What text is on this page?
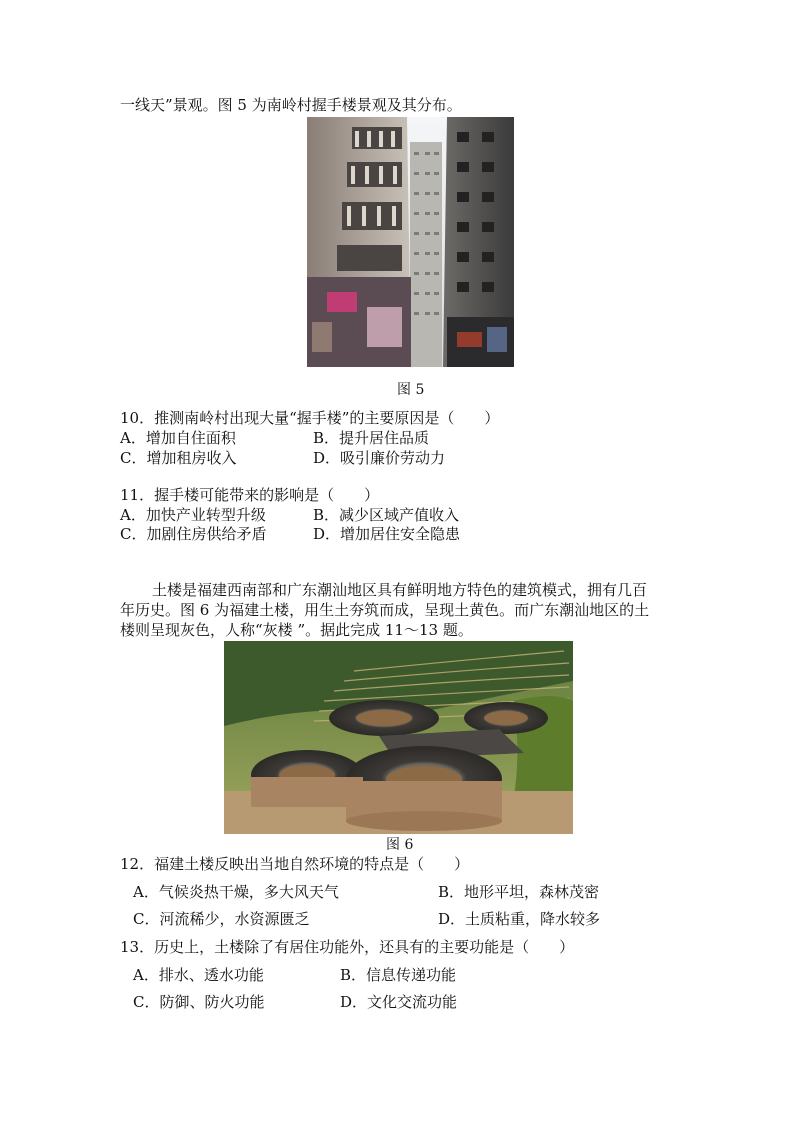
一线天”景观。图 5 为南岭村握手楼景观及其分布。
图 5
10．推测南岭村出现大量“握手楼”的主要原因是（　　）
A．增加自住面积	B．提升居住品质
C．增加租房收入	D．吸引廉价劳动力
11．握手楼可能带来的影响是（　　）
A．加快产业转型升级	B．减少区域产值收入
C．加剧住房供给矛盾	D．增加居住安全隐患
土楼是福建西南部和广东潮汕地区具有鲜明地方特色的建筑模式，拥有几百
年历史。图 6 为福建土楼，用生土夯筑而成，呈现土黄色。而广东潮汕地区的土
楼则呈现灰色，人称“灰楼 ”。据此完成 11～13 题。
图 6
12．福建土楼反映出当地自然环境的特点是（　　）
A．气候炎热干燥，多大风天气	B．地形平坦，森林茂密
C．河流稀少，水资源匮乏	D．土质粘重，降水较多
13．历史上，土楼除了有居住功能外，还具有的主要功能是（　　）
A．排水、透水功能	B．信息传递功能
C．防御、防火功能	D．文化交流功能
